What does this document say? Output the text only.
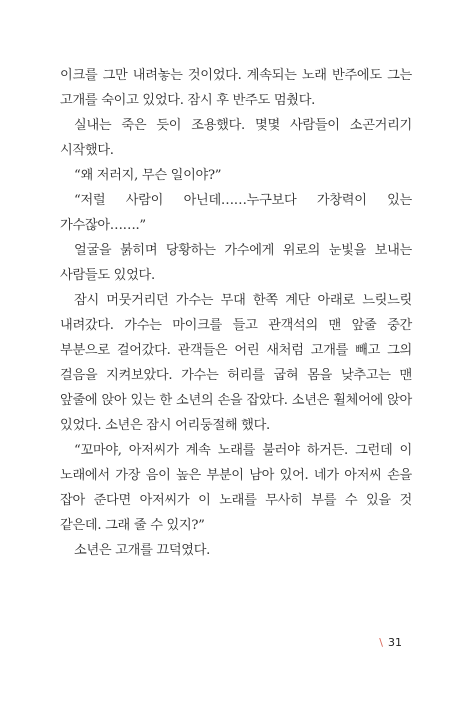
이크를 그만 내려놓는 것이었다. 계속되는 노래 반주에도 그는 고개를 숙이고 있었다. 잠시 후 반주도 멈췄다.

실내는 죽은 듯이 조용했다. 몇몇 사람들이 소곤거리기 시작했다.

“왜 저러지, 무슨 일이야?”

“저럴 사람이 아닌데……누구보다 가창력이 있는 가수잖아…….”

얼굴을 붉히며 당황하는 가수에게 위로의 눈빛을 보내는 사람들도 있었다.

잠시 머뭇거리던 가수는 무대 한쪽 계단 아래로 느릿느릿 내려갔다. 가수는 마이크를 들고 관객석의 맨 앞줄 중간 부분으로 걸어갔다. 관객들은 어린 새처럼 고개를 빼고 그의 걸음을 지켜보았다. 가수는 허리를 굽혀 몸을 낮추고는 맨 앞줄에 앉아 있는 한 소년의 손을 잡았다. 소년은 휠체어에 앉아 있었다. 소년은 잠시 어리둥절해 했다.

“꼬마야, 아저씨가 계속 노래를 불러야 하거든. 그런데 이 노래에서 가장 음이 높은 부분이 남아 있어. 네가 아저씨 손을 잡아 준다면 아저씨가 이 노래를 무사히 부를 수 있을 것 같은데. 그래 줄 수 있지?”

소년은 고개를 끄덕였다.

\ 31
